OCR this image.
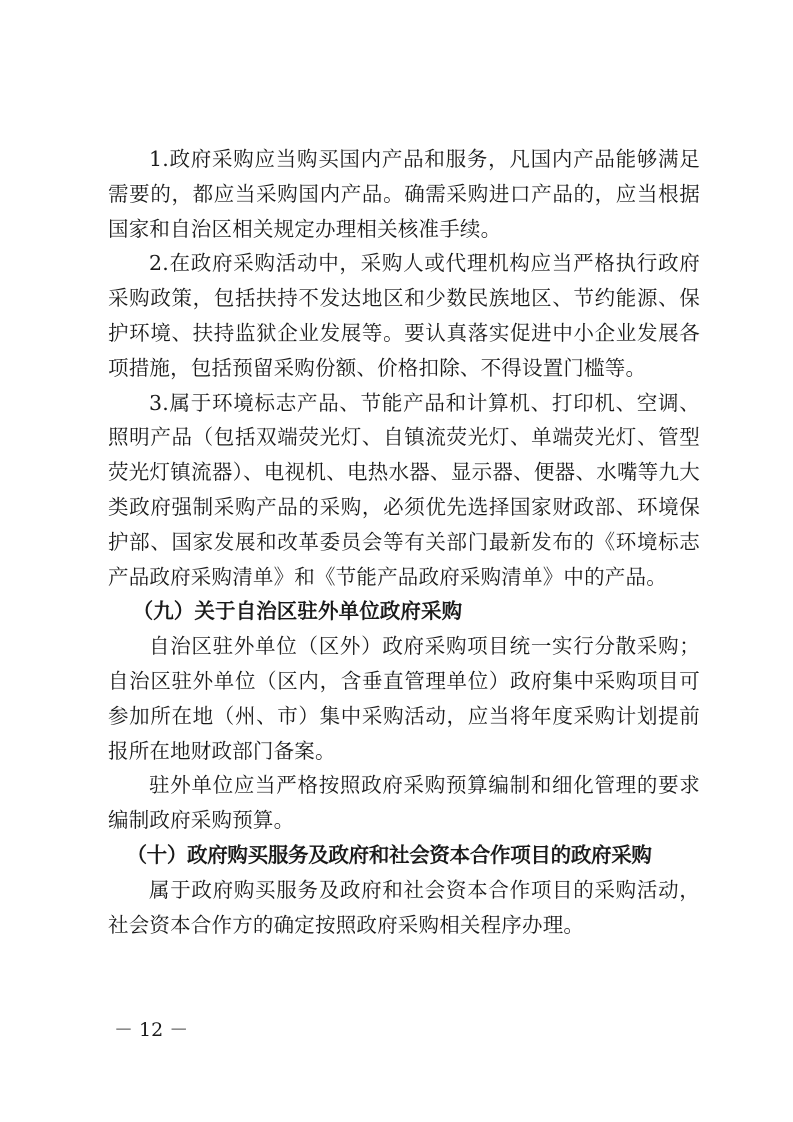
1.政府采购应当购买国内产品和服务，凡国内产品能够满足需要的，都应当采购国内产品。确需采购进口产品的，应当根据国家和自治区相关规定办理相关核准手续。

2.在政府采购活动中，采购人或代理机构应当严格执行政府采购政策，包括扶持不发达地区和少数民族地区、节约能源、保护环境、扶持监狱企业发展等。要认真落实促进中小企业发展各项措施，包括预留采购份额、价格扣除、不得设置门槛等。

3.属于环境标志产品、节能产品和计算机、打印机、空调、照明产品（包括双端荧光灯、自镇流荧光灯、单端荧光灯、管型荧光灯镇流器）、电视机、电热水器、显示器、便器、水嘴等九大类政府强制采购产品的采购，必须优先选择国家财政部、环境保护部、国家发展和改革委员会等有关部门最新发布的《环境标志产品政府采购清单》和《节能产品政府采购清单》中的产品。

（九）关于自治区驻外单位政府采购

自治区驻外单位（区外）政府采购项目统一实行分散采购；自治区驻外单位（区内，含垂直管理单位）政府集中采购项目可参加所在地（州、市）集中采购活动，应当将年度采购计划提前报所在地财政部门备案。

驻外单位应当严格按照政府采购预算编制和细化管理的要求编制政府采购预算。

（十）政府购买服务及政府和社会资本合作项目的政府采购

属于政府购买服务及政府和社会资本合作项目的采购活动，社会资本合作方的确定按照政府采购相关程序办理。

－ 12 －
